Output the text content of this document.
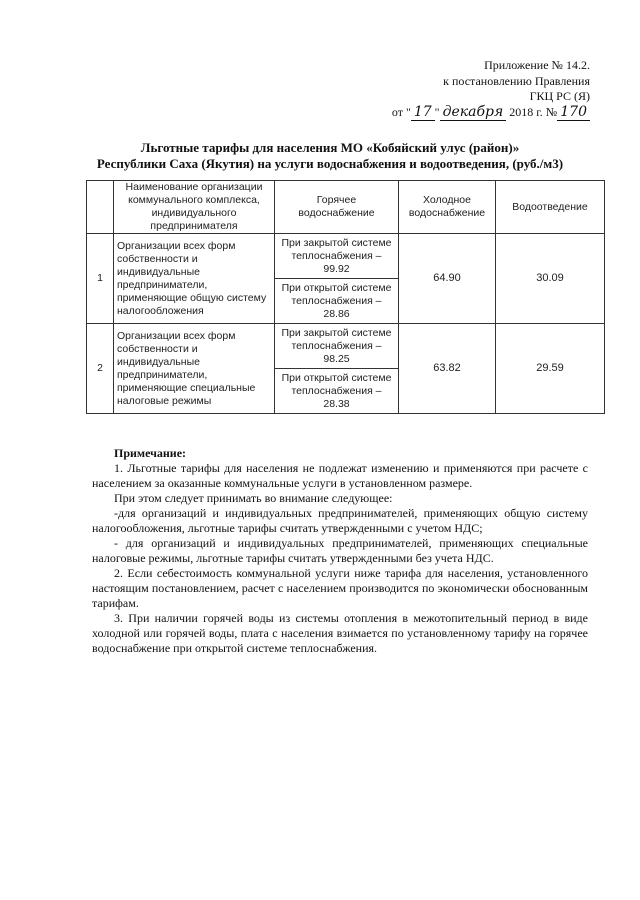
Приложение № 14.2.
к постановлению Правления
ГКЦ РС (Я)
от " 17 " декабря 2018 г. № 170
Льготные тарифы для населения МО «Кобяйский улус (район)»
Республики Саха (Якутия) на услуги водоснабжения и водоотведения, (руб./м3)
	Наименование организации коммунального комплекса, индивидуального предпринимателя	Горячее водоснабжение	Холодное водоснабжение	Водоотведение
1	Организации всех форм собственности и индивидуальные предприниматели, применяющие общую систему налогообложения	При закрытой системе теплоснабжения – 99.92	64.90	30.09
		При открытой системе теплоснабжения – 28.86		
2	Организации всех форм собственности и индивидуальные предприниматели, применяющие специальные налоговые режимы	При закрытой системе теплоснабжения – 98.25	63.82	29.59
		При открытой системе теплоснабжения – 28.38		
Примечание:

1. Льготные тарифы для населения не подлежат изменению и применяются при расчете с населением за оказанные коммунальные услуги в установленном размере.

При этом следует принимать во внимание следующее:

-для организаций и индивидуальных предпринимателей, применяющих общую систему налогообложения, льготные тарифы считать утвержденными с учетом НДС;

- для организаций и индивидуальных предпринимателей, применяющих специальные налоговые режимы, льготные тарифы считать утвержденными без учета НДС.

2. Если себестоимость коммунальной услуги ниже тарифа для населения, установленного настоящим постановлением, расчет с населением производится по экономически обоснованным тарифам.

3. При наличии горячей воды из системы отопления в межотопительный период в виде холодной или горячей воды, плата с населения взимается по установленному тарифу на горячее водоснабжение при открытой системе теплоснабжения.
